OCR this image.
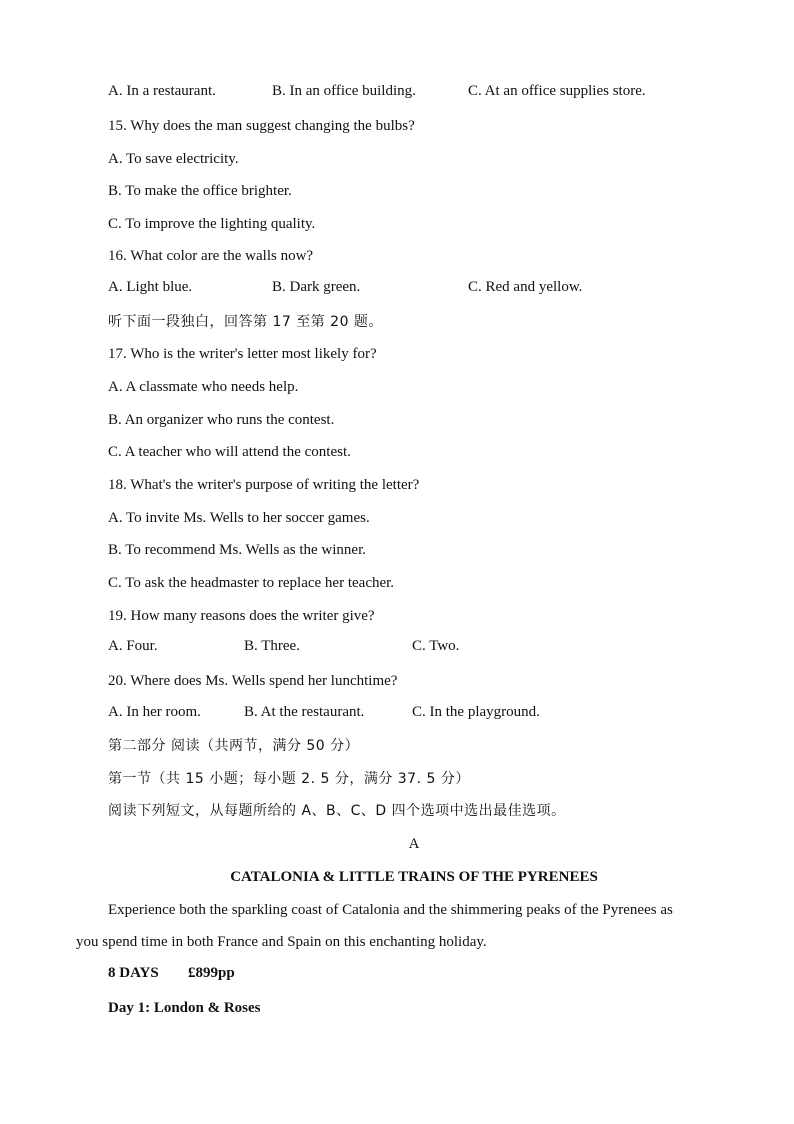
A. In a restaurant.	B. In an office building.	C. At an office supplies store.
15. Why does the man suggest changing the bulbs?
A. To save electricity.
B. To make the office brighter.
C. To improve the lighting quality.
16. What color are the walls now?
A. Light blue.	B. Dark green.	C. Red and yellow.
听下面一段独白，回答第 17 至第 20 题。
17. Who is the writer's letter most likely for?
A. A classmate who needs help.
B. An organizer who runs the contest.
C. A teacher who will attend the contest.
18. What's the writer's purpose of writing the letter?
A. To invite Ms. Wells to her soccer games.
B. To recommend Ms. Wells as the winner.
C. To ask the headmaster to replace her teacher.
19. How many reasons does the writer give?
A. Four.	B. Three.	C. Two.
20. Where does Ms. Wells spend her lunchtime?
A. In her room.	B. At the restaurant.	C. In the playground.
第二部分 阅读（共两节，满分 50 分）
第一节（共 15 小题；每小题 2. 5 分，满分 37. 5 分）
阅读下列短文，从每题所给的 A、B、C、D 四个选项中选出最佳选项。
A
CATALONIA & LITTLE TRAINS OF THE PYRENEES
Experience both the sparkling coast of Catalonia and the shimmering peaks of the Pyrenees as
you spend time in both France and Spain on this enchanting holiday.
8 DAYS £899pp
Day 1: London & Roses
